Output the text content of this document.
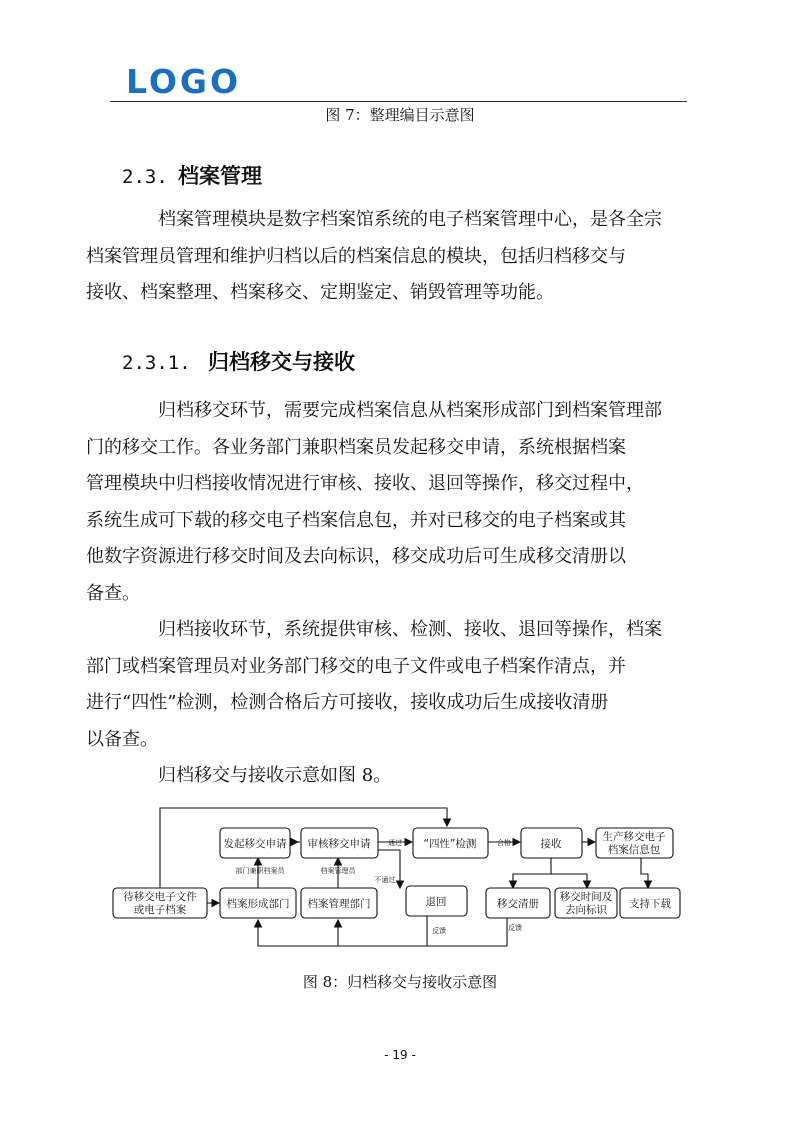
LOGO
图 7：整理编目示意图
2.3. 档案管理

档案管理模块是数字档案馆系统的电子档案管理中心，是各全宗
档案管理员管理和维护归档以后的档案信息的模块，包括归档移交与
接收、档案整理、档案移交、定期鉴定、销毁管理等功能。

2.3.1. 归档移交与接收

归档移交环节，需要完成档案信息从档案形成部门到档案管理部
门的移交工作。各业务部门兼职档案员发起移交申请，系统根据档案
管理模块中归档接收情况进行审核、接收、退回等操作，移交过程中，
系统生成可下载的移交电子档案信息包，并对已移交的电子档案或其
他数字资源进行移交时间及去向标识，移交成功后可生成移交清册以
备查。

归档接收环节，系统提供审核、检测、接收、退回等操作，档案
部门或档案管理员对业务部门移交的电子文件或电子档案作清点，并
进行“四性”检测，检测合格后方可接收，接收成功后生成接收清册
以备查。

归档移交与接收示意如图 8。

待移交电子文件
或电子档案
发起移交申请 审核移交申请	“四性”检测	接收
生产移交电子
档案信息包
档案形成部门 档案管理部门	退回	移交清册
移交时间及
去向标识 支持下载
部门兼职档案员	档案管理员
通过	合格
不通过
反馈	反馈
图 8：归档移交与接收示意图
- 19 -
